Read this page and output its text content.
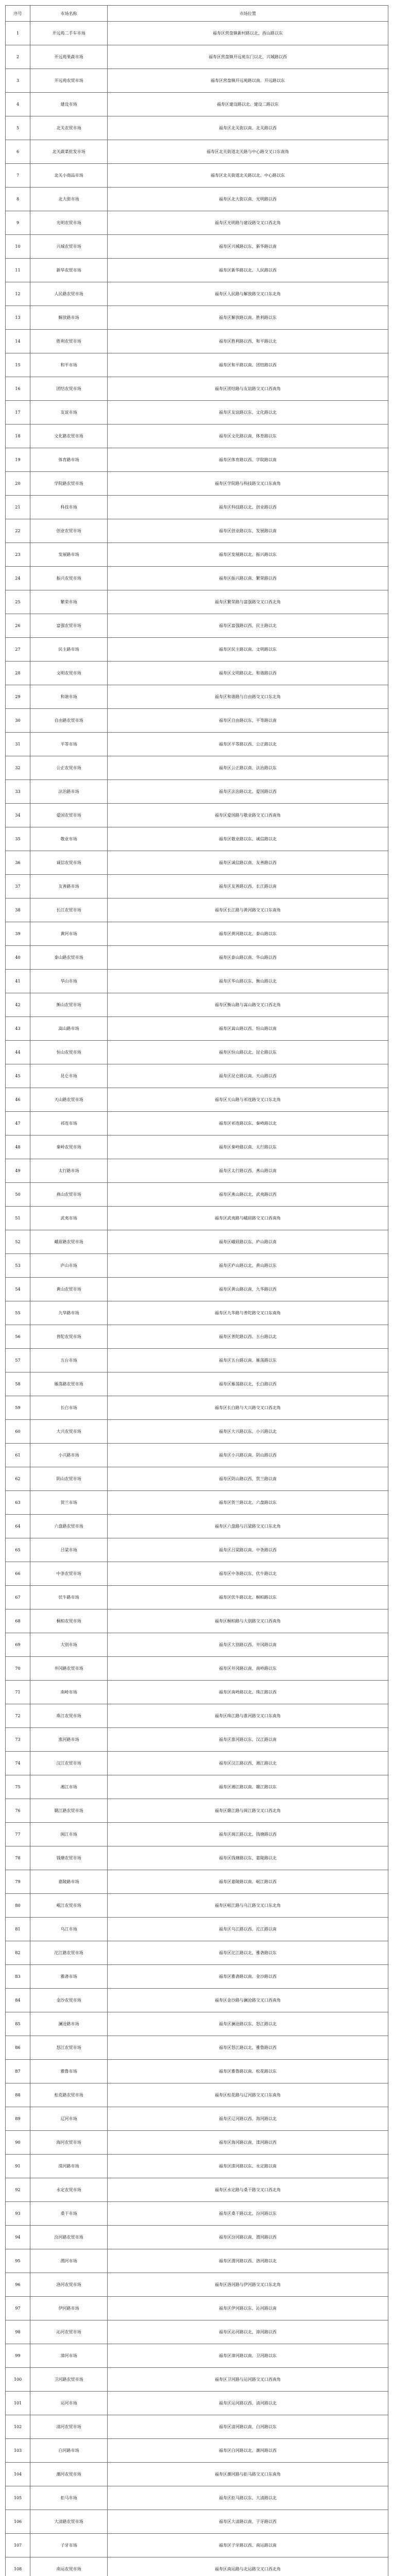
序号	市场名称	市场位置
1	开远苑二手车市场	福寿区营盘镇新村路以北、西山路以东
2	开远苑果蔬市场	福寿区营盘镇开远苑东门以北、兴城路以西
3	开远苑农贸市场	福寿区营盘镇开远苑路以南、开远路以东
4	建设市场	福寿区建设路以北、建设二路以东
5	北关农贸市场	福寿区北关街以南、北关路以西
6	北关蔬菜批发市场	福寿区北关街道北关路与中心路交叉口东南角
7	北关小商品市场	福寿区北关街道北关路以北、中心路以东
8	北大街市场	福寿区北大街以南、光明路以西
9	光明农贸市场	福寿区光明路与建设路交叉口西北角
10	兴城农贸市场	福寿区兴城路以东、新华路以南
11	新华农贸市场	福寿区新华路以北、人民路以西
12	人民路农贸市场	福寿区人民路与解放路交叉口东北角
13	解放路市场	福寿区解放路以南、胜利路以东
14	胜利农贸市场	福寿区胜利路以西、和平路以北
15	和平市场	福寿区和平路以南、团结路以西
16	团结农贸市场	福寿区团结路与友谊路交叉口西南角
17	友谊市场	福寿区友谊路以东、文化路以北
18	文化路农贸市场	福寿区文化路以南、体育路以东
19	体育路市场	福寿区体育路以西、学院路以南
20	学院路农贸市场	福寿区学院路与科技路交叉口东南角
21	科技市场	福寿区科技路以北、创业路以西
22	创业农贸市场	福寿区创业路以东、发展路以南
23	发展路市场	福寿区发展路以北、振兴路以东
24	振兴农贸市场	福寿区振兴路以南、繁荣路以西
25	繁荣市场	福寿区繁荣路与富强路交叉口西北角
26	富强农贸市场	福寿区富强路以西、民主路以北
27	民主路市场	福寿区民主路以南、文明路以东
28	文明农贸市场	福寿区文明路以北、和谐路以西
29	和谐市场	福寿区和谐路与自由路交叉口东北角
30	自由路农贸市场	福寿区自由路以东、平等路以南
31	平等市场	福寿区平等路以西、公正路以北
32	公正农贸市场	福寿区公正路以南、法治路以东
33	法治路市场	福寿区法治路以北、爱国路以西
34	爱国农贸市场	福寿区爱国路与敬业路交叉口西南角
35	敬业市场	福寿区敬业路以东、诚信路以北
36	诚信农贸市场	福寿区诚信路以南、友善路以西
37	友善路市场	福寿区友善路以西、长江路以南
38	长江农贸市场	福寿区长江路与黄河路交叉口东南角
39	黄河市场	福寿区黄河路以北、泰山路以东
40	泰山路农贸市场	福寿区泰山路以南、华山路以西
41	华山市场	福寿区华山路以东、衡山路以北
42	衡山农贸市场	福寿区衡山路与嵩山路交叉口西北角
43	嵩山路市场	福寿区嵩山路以西、恒山路以南
44	恒山农贸市场	福寿区恒山路以北、昆仑路以东
45	昆仑市场	福寿区昆仑路以南、天山路以西
46	天山路农贸市场	福寿区天山路与祁连路交叉口东北角
47	祁连市场	福寿区祁连路以东、秦岭路以北
48	秦岭农贸市场	福寿区秦岭路以南、太行路以东
49	太行路市场	福寿区太行路以西、燕山路以南
50	燕山农贸市场	福寿区燕山路以北、武夷路以西
51	武夷市场	福寿区武夷路与峨眉路交叉口西南角
52	峨眉路农贸市场	福寿区峨眉路以东、庐山路以南
53	庐山市场	福寿区庐山路以北、黄山路以东
54	黄山农贸市场	福寿区黄山路以南、九华路以西
55	九华路市场	福寿区九华路与普陀路交叉口东南角
56	普陀农贸市场	福寿区普陀路以西、五台路以北
57	五台市场	福寿区五台路以南、雁荡路以东
58	雁荡路农贸市场	福寿区雁荡路以北、长白路以西
59	长白市场	福寿区长白路与大兴路交叉口西北角
60	大兴农贸市场	福寿区大兴路以东、小兴路以北
61	小兴路市场	福寿区小兴路以南、阴山路以西
62	阴山农贸市场	福寿区阴山路以西、贺兰路以南
63	贺兰市场	福寿区贺兰路以北、六盘路以东
64	六盘路农贸市场	福寿区六盘路与吕梁路交叉口东北角
65	吕梁市场	福寿区吕梁路以南、中条路以西
66	中条农贸市场	福寿区中条路以东、伏牛路以北
67	伏牛路市场	福寿区伏牛路以北、桐柏路以东
68	桐柏农贸市场	福寿区桐柏路与大别路交叉口西南角
69	大别市场	福寿区大别路以西、井冈路以南
70	井冈路农贸市场	福寿区井冈路以南、南岭路以东
71	南岭市场	福寿区南岭路以北、珠江路以西
72	珠江农贸市场	福寿区珠江路与淮河路交叉口东南角
73	淮河路市场	福寿区淮河路以东、汉江路以南
74	汉江农贸市场	福寿区汉江路以西、湘江路以北
75	湘江市场	福寿区湘江路以南、赣江路以东
76	赣江路农贸市场	福寿区赣江路与闽江路交叉口西北角
77	闽江市场	福寿区闽江路以北、钱塘路以西
78	钱塘农贸市场	福寿区钱塘路以东、嘉陵路以北
79	嘉陵路市场	福寿区嘉陵路以南、岷江路以西
80	岷江农贸市场	福寿区岷江路与乌江路交叉口东北角
81	乌江市场	福寿区乌江路以西、沱江路以南
82	沱江路农贸市场	福寿区沱江路以北、雅砻路以东
83	雅砻市场	福寿区雅砻路以南、金沙路以西
84	金沙农贸市场	福寿区金沙路与澜沧路交叉口西南角
85	澜沧路市场	福寿区澜沧路以东、怒江路以北
86	怒江农贸市场	福寿区怒江路以北、雅鲁路以西
87	雅鲁市场	福寿区雅鲁路以南、松花路以东
88	松花路农贸市场	福寿区松花路与辽河路交叉口东南角
89	辽河市场	福寿区辽河路以西、海河路以北
90	海河农贸市场	福寿区海河路以南、滦河路以西
91	滦河路市场	福寿区滦河路以东、永定路以南
92	永定农贸市场	福寿区永定路与桑干路交叉口西北角
93	桑干市场	福寿区桑干路以北、汾河路以东
94	汾河路农贸市场	福寿区汾河路以南、渭河路以西
95	渭河市场	福寿区渭河路以西、洛河路以北
96	洛河农贸市场	福寿区洛河路与伊河路交叉口东北角
97	伊河路市场	福寿区伊河路以东、沁河路以南
98	沁河农贸市场	福寿区沁河路以北、漳河路以西
99	漳河市场	福寿区漳河路以南、卫河路以东
100	卫河路农贸市场	福寿区卫河路与运河路交叉口西南角
101	运河市场	福寿区运河路以西、清河路以北
102	清河农贸市场	福寿区清河路以南、白河路以东
103	白河路市场	福寿区白河路以北、潮河路以西
104	潮河农贸市场	福寿区潮河路与拒马路交叉口东南角
105	拒马市场	福寿区拒马路以东、大清路以北
106	大清路农贸市场	福寿区大清路以南、子牙路以西
107	子牙市场	福寿区子牙路以西、南运路以南
108	南运农贸市场	福寿区南运路与北运路交叉口西北角
